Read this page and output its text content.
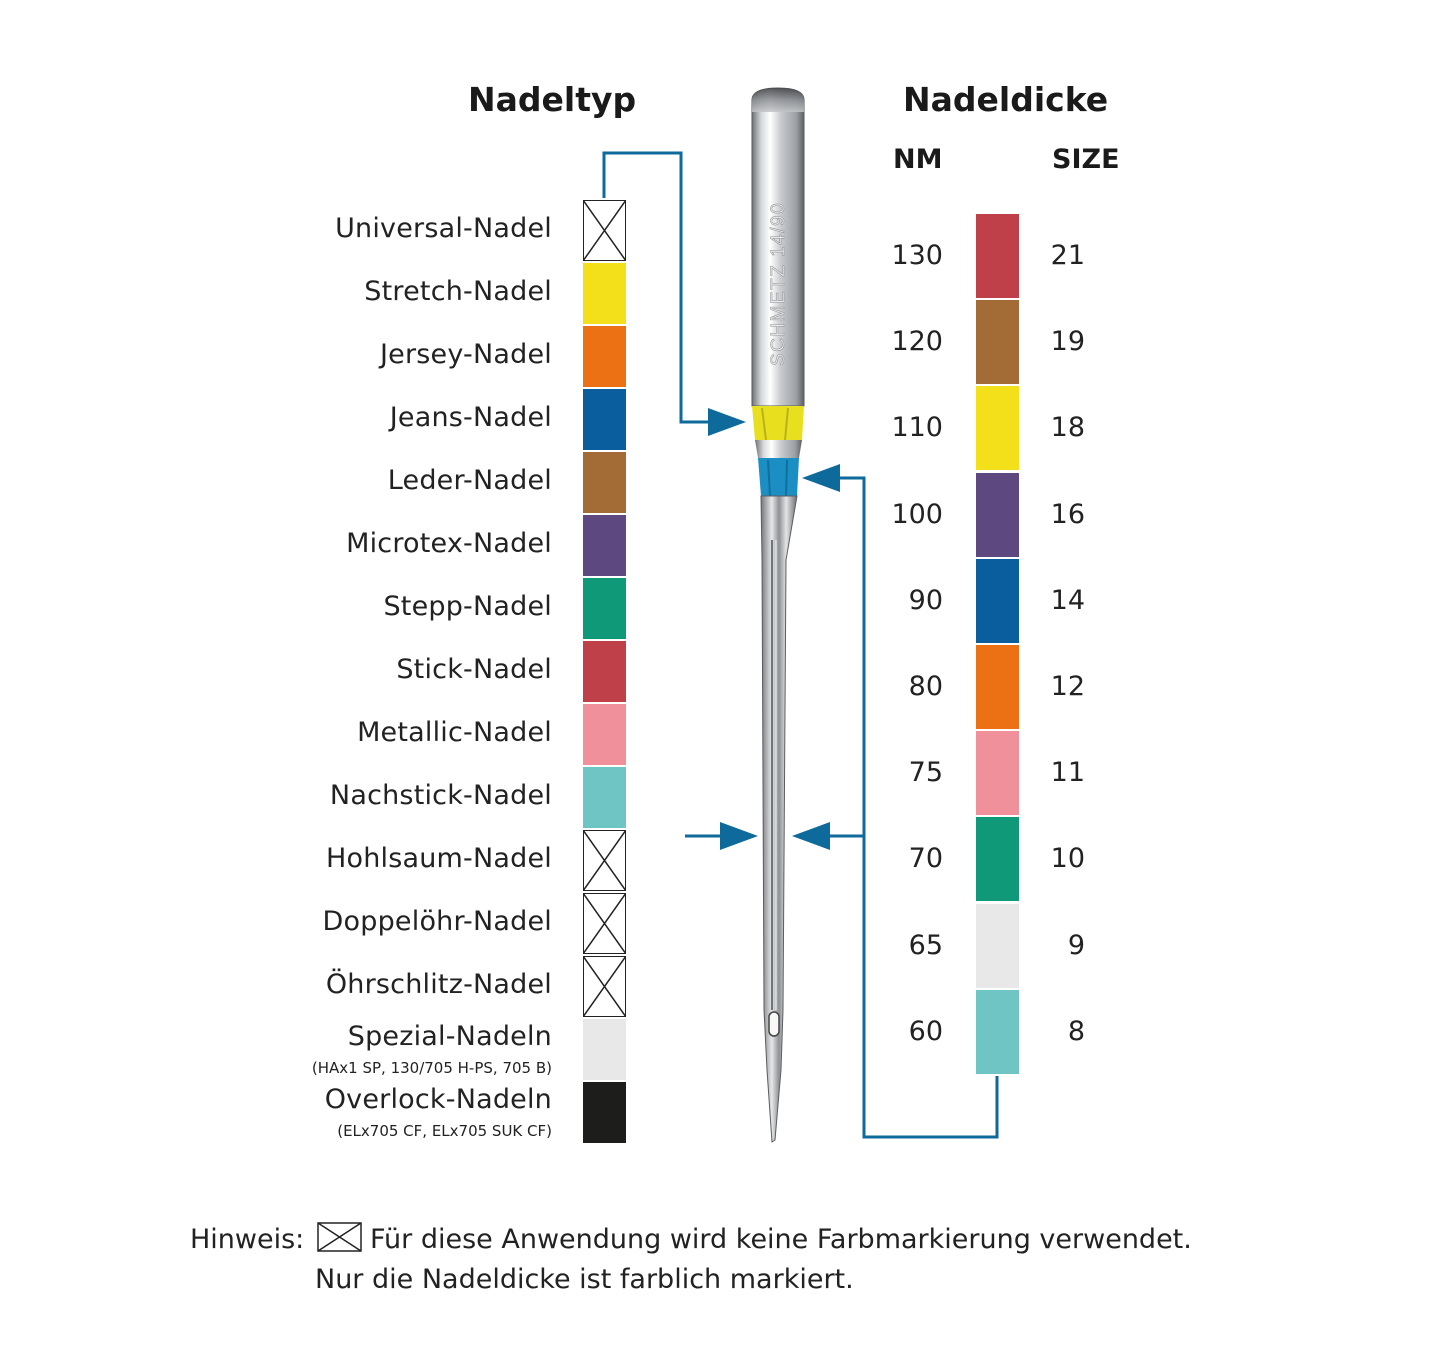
Nadeltyp	Nadeldicke
NM	SIZE
Universal-Nadel
Stretch-Nadel
Jersey-Nadel
Jeans-Nadel
Leder-Nadel
Microtex-Nadel
Stepp-Nadel
Stick-Nadel
Metallic-Nadel
Nachstick-Nadel
Hohlsaum-Nadel
Doppelöhr-Nadel
Öhrschlitz-Nadel
Spezial-Nadeln
(HAx1 SP, 130/705 H-PS, 705 B)
Overlock-Nadeln
(ELx705 CF, ELx705 SUK CF)
130	21
120	19
110	18
100	16
90	14
80	12
75	11
70	10
65	9
60	8
SCHMETZ 14/90
Hinweis: Für diese Anwendung wird keine Farbmarkierung verwendet.
Nur die Nadeldicke ist farblich markiert.
